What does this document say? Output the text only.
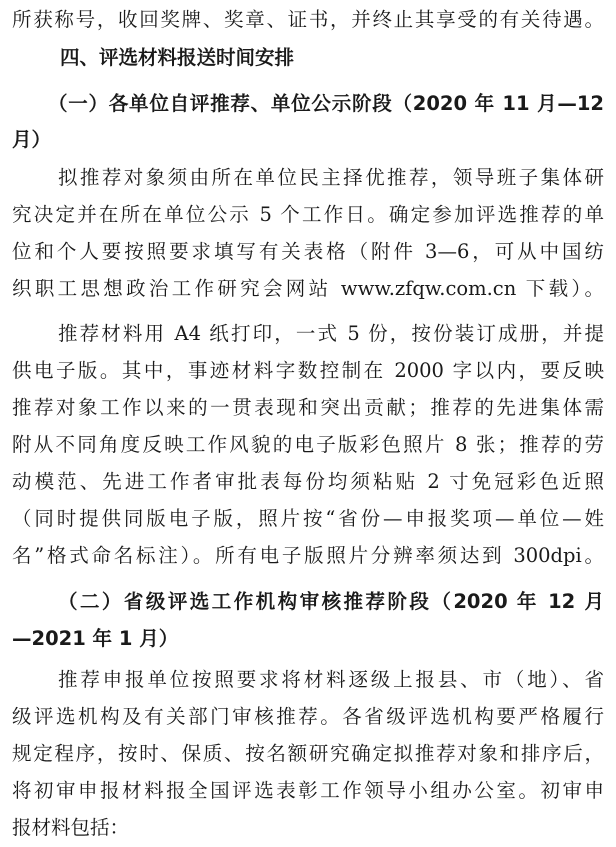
所获称号，收回奖牌、奖章、证书，并终止其享受的有关待遇。
四、评选材料报送时间安排
（一）各单位自评推荐、单位公示阶段（2020 年 11 月—12
月）
拟推荐对象须由所在单位民主择优推荐，领导班子集体研
究决定并在所在单位公示 5 个工作日。确定参加评选推荐的单
位和个人要按照要求填写有关表格（附件 3—6，可从中国纺
织职工思想政治工作研究会网站 www.zfqw.com.cn 下载）。
推荐材料用 A4 纸打印，一式 5 份，按份装订成册，并提
供电子版。其中，事迹材料字数控制在 2000 字以内，要反映
推荐对象工作以来的一贯表现和突出贡献；推荐的先进集体需
附从不同角度反映工作风貌的电子版彩色照片 8 张；推荐的劳
动模范、先进工作者审批表每份均须粘贴 2 寸免冠彩色近照
（同时提供同版电子版，照片按“省份—申报奖项—单位—姓
名”格式命名标注）。所有电子版照片分辨率须达到 300dpi。
（二）省级评选工作机构审核推荐阶段（2020 年 12 月
—2021 年 1 月）
推荐申报单位按照要求将材料逐级上报县、市（地）、省
级评选机构及有关部门审核推荐。各省级评选机构要严格履行
规定程序，按时、保质、按名额研究确定拟推荐对象和排序后，
将初审申报材料报全国评选表彰工作领导小组办公室。初审申
报材料包括：
